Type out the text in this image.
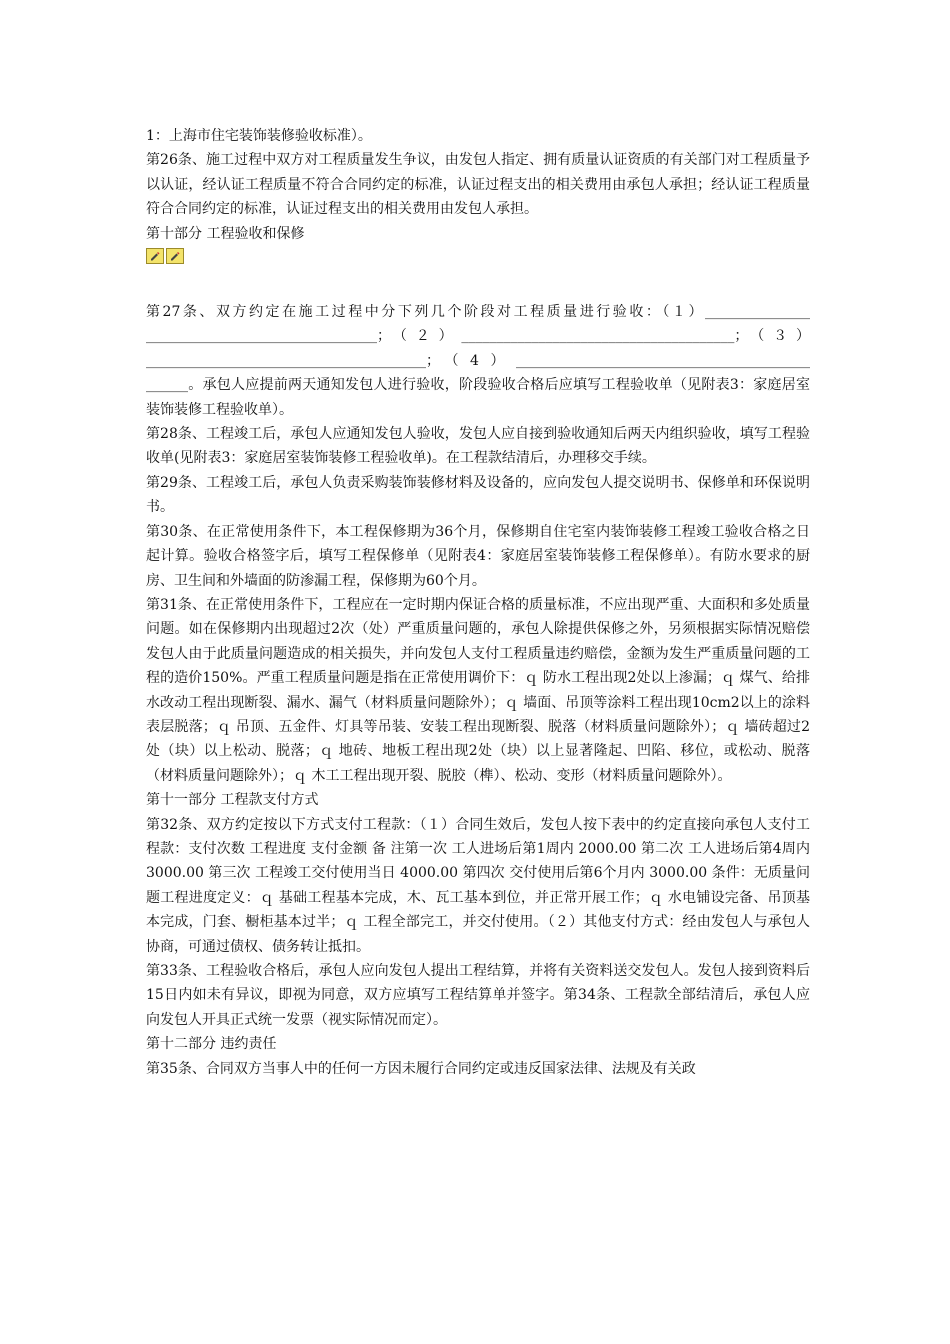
1：上海市住宅装饰装修验收标准）。

第26条、施工过程中双方对工程质量发生争议，由发包人指定、拥有质量认证资质的有关部门对工程质量予以认证，经认证工程质量不符合合同约定的标准，认证过程支出的相关费用由承包人承担；经认证工程质量符合合同约定的标准，认证过程支出的相关费用由发包人承担。

第十部分 工程验收和保修

第27条、双方约定在施工过程中分下列几个阶段对工程质量进行验收：（１）_______________ _________________________________；（２）_______________________________________；（３）________________________________________；（4）__________________________________________ ______。承包人应提前两天通知发包人进行验收，阶段验收合格后应填写工程验收单（见附表3：家庭居室装饰装修工程验收单）。

第28条、工程竣工后，承包人应通知发包人验收，发包人应自接到验收通知后两天内组织验收，填写工程验收单(见附表3：家庭居室装饰装修工程验收单)。在工程款结清后，办理移交手续。

第29条、工程竣工后，承包人负责采购装饰装修材料及设备的，应向发包人提交说明书、保修单和环保说明书。

第30条、在正常使用条件下，本工程保修期为36个月，保修期自住宅室内装饰装修工程竣工验收合格之日起计算。验收合格签字后，填写工程保修单（见附表4：家庭居室装饰装修工程保修单）。有防水要求的厨房、卫生间和外墙面的防渗漏工程，保修期为60个月。

第31条、在正常使用条件下，工程应在一定时期内保证合格的质量标准，不应出现严重、大面积和多处质量问题。如在保修期内出现超过2次（处）严重质量问题的，承包人除提供保修之外，另须根据实际情况赔偿发包人由于此质量问题造成的相关损失，并向发包人支付工程质量违约赔偿，金额为发生严重质量问题的工程的造价150%。严重工程质量问题是指在正常使用调价下：ｑ 防水工程出现2处以上渗漏；ｑ 煤气、给排水改动工程出现断裂、漏水、漏气（材料质量问题除外）；ｑ 墙面、吊顶等涂料工程出现10cm2以上的涂料表层脱落；ｑ 吊顶、五金件、灯具等吊装、安装工程出现断裂、脱落（材料质量问题除外）；ｑ 墙砖超过2处（块）以上松动、脱落；ｑ 地砖、地板工程出现2处（块）以上显著隆起、凹陷、移位，或松动、脱落（材料质量问题除外）；ｑ 木工工程出现开裂、脱胶（榫）、松动、变形（材料质量问题除外）。

第十一部分 工程款支付方式

第32条、双方约定按以下方式支付工程款：（１）合同生效后，发包人按下表中的约定直接向承包人支付工程款：支付次数 工程进度 支付金额 备 注第一次 工人进场后第1周内 2000.00 第二次 工人进场后第4周内 3000.00 第三次 工程竣工交付使用当日 4000.00 第四次 交付使用后第6个月内 3000.00 条件：无质量问题工程进度定义：ｑ 基础工程基本完成，木、瓦工基本到位，并正常开展工作；ｑ 水电铺设完备、吊顶基本完成，门套、橱柜基本过半；ｑ 工程全部完工，并交付使用。（２）其他支付方式：经由发包人与承包人协商，可通过债权、债务转让抵扣。

第33条、工程验收合格后，承包人应向发包人提出工程结算，并将有关资料送交发包人。发包人接到资料后15日内如未有异议，即视为同意，双方应填写工程结算单并签字。第34条、工程款全部结清后，承包人应向发包人开具正式统一发票（视实际情况而定）。

第十二部分 违约责任

第35条、合同双方当事人中的任何一方因未履行合同约定或违反国家法律、法规及有关政
